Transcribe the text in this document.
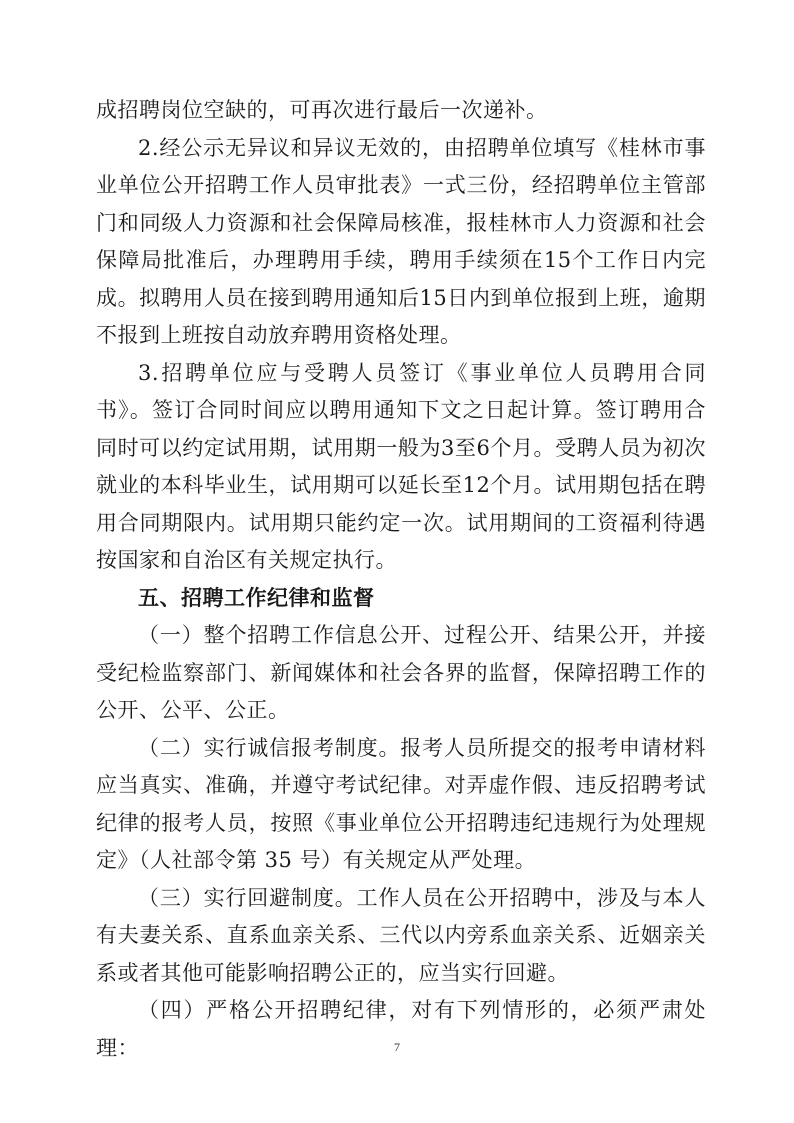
成招聘岗位空缺的，可再次进行最后一次递补。

2.经公示无异议和异议无效的，由招聘单位填写《桂林市事业单位公开招聘工作人员审批表》一式三份，经招聘单位主管部门和同级人力资源和社会保障局核准，报桂林市人力资源和社会保障局批准后，办理聘用手续，聘用手续须在15个工作日内完成。拟聘用人员在接到聘用通知后15日内到单位报到上班，逾期不报到上班按自动放弃聘用资格处理。

3.招聘单位应与受聘人员签订《事业单位人员聘用合同书》。签订合同时间应以聘用通知下文之日起计算。签订聘用合同时可以约定试用期，试用期一般为3至6个月。受聘人员为初次就业的本科毕业生，试用期可以延长至12个月。试用期包括在聘用合同期限内。试用期只能约定一次。试用期间的工资福利待遇按国家和自治区有关规定执行。

五、招聘工作纪律和监督

（一）整个招聘工作信息公开、过程公开、结果公开，并接受纪检监察部门、新闻媒体和社会各界的监督，保障招聘工作的公开、公平、公正。

（二）实行诚信报考制度。报考人员所提交的报考申请材料应当真实、准确，并遵守考试纪律。对弄虚作假、违反招聘考试纪律的报考人员，按照《事业单位公开招聘违纪违规行为处理规定》（人社部令第 35 号）有关规定从严处理。

（三）实行回避制度。工作人员在公开招聘中，涉及与本人有夫妻关系、直系血亲关系、三代以内旁系血亲关系、近姻亲关系或者其他可能影响招聘公正的，应当实行回避。

（四）严格公开招聘纪律，对有下列情形的，必须严肃处理：	7
